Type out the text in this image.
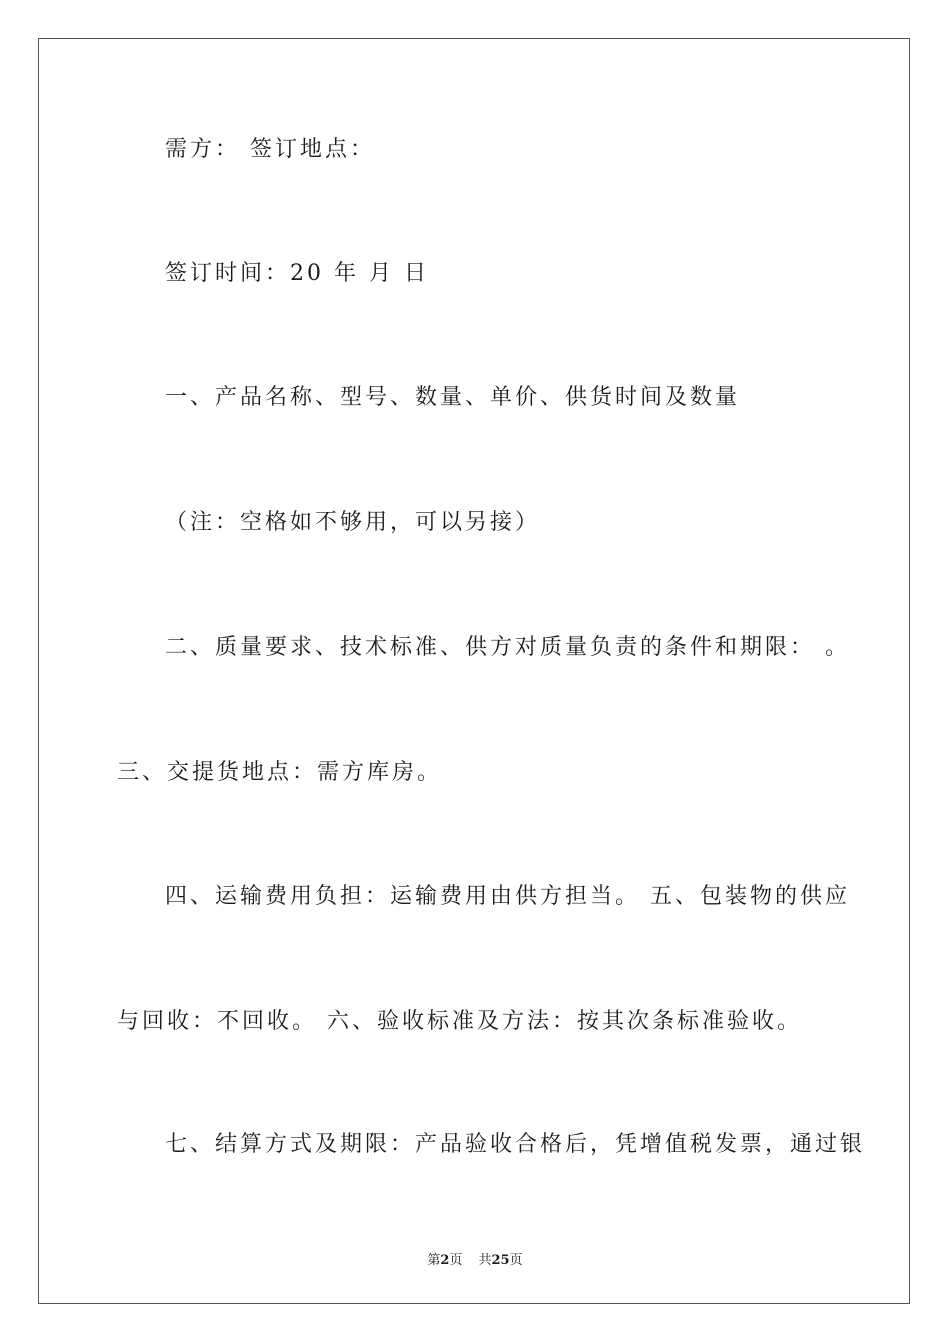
需方： 签订地点：
签订时间：20 年 月 日
一、产品名称、型号、数量、单价、供货时间及数量
（注：空格如不够用，可以另接）
二、质量要求、技术标准、供方对质量负责的条件和期限： 。
三、交提货地点：需方库房。
四、运输费用负担：运输费用由供方担当。 五、包装物的供应
与回收：不回收。 六、验收标准及方法：按其次条标准验收。
七、结算方式及期限：产品验收合格后，凭增值税发票，通过银
第2页 共25页
